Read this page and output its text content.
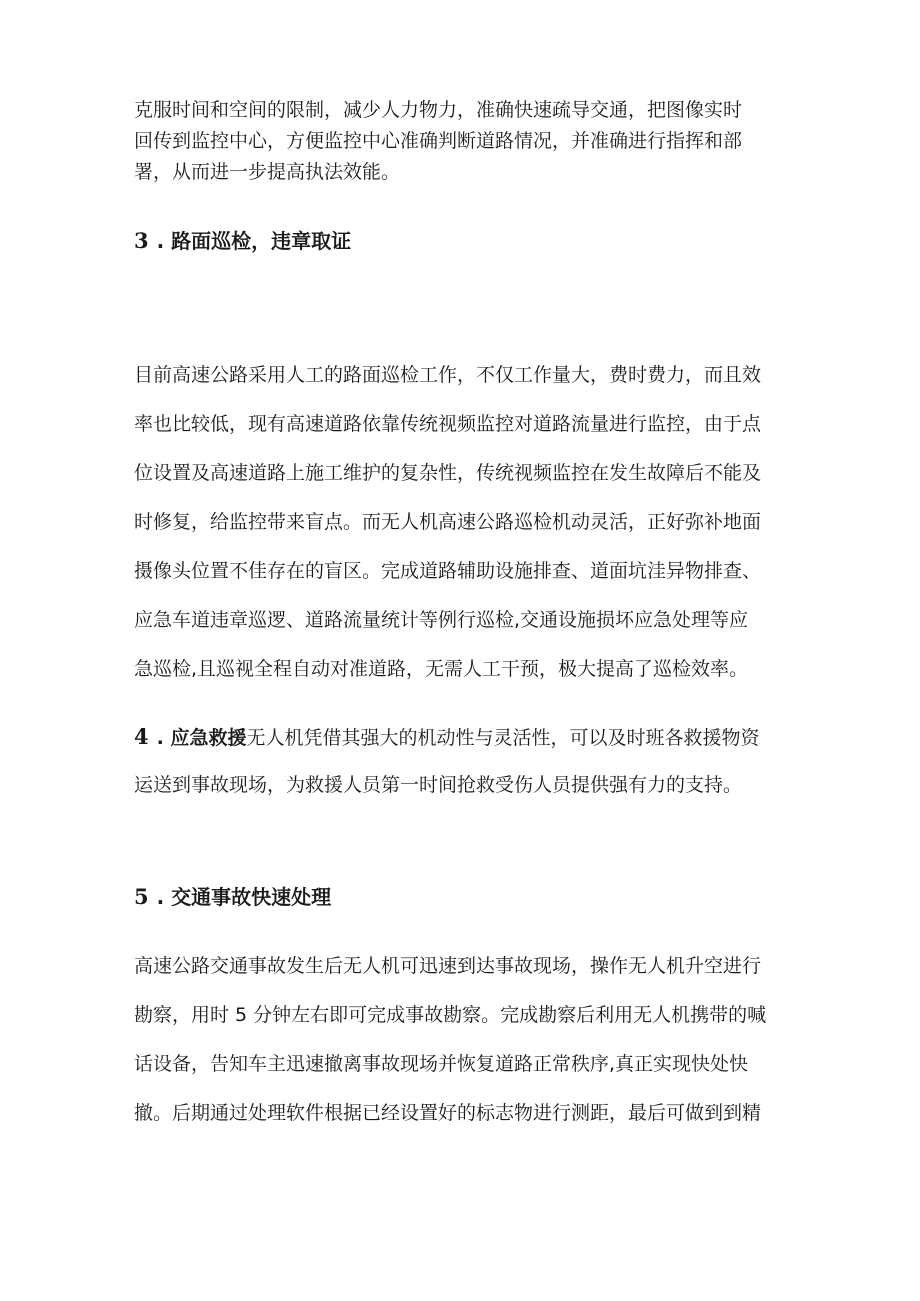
克服时间和空间的限制，减少人力物力，准确快速疏导交通，把图像实时
回传到监控中心，方便监控中心准确判断道路情况，并准确进行指挥和部
署，从而进一步提高执法效能。
3 . 路面巡检，违章取证
目前高速公路采用人工的路面巡检工作，不仅工作量大，费时费力，而且效
率也比较低，现有高速道路依靠传统视频监控对道路流量进行监控，由于点
位设置及高速道路上施工维护的复杂性，传统视频监控在发生故障后不能及
时修复，给监控带来盲点。而无人机高速公路巡检机动灵活，正好弥补地面
摄像头位置不佳存在的盲区。完成道路辅助设施排查、道面坑洼异物排查、
应急车道违章巡逻、道路流量统计等例行巡检,交通设施损坏应急处理等应
急巡检,且巡视全程自动对准道路，无需人工干预，极大提高了巡检效率。
4 . 应急救援无人机凭借其强大的机动性与灵活性，可以及时班各救援物资
运送到事故现场，为救援人员第一时间抢救受伤人员提供强有力的支持。
5 . 交通事故快速处理
高速公路交通事故发生后无人机可迅速到达事故现场，操作无人机升空进行
勘察，用时 5 分钟左右即可完成事故勘察。完成勘察后利用无人机携带的喊
话设备，告知车主迅速撤离事故现场并恢复道路正常秩序,真正实现快处快
撤。后期通过处理软件根据已经设置好的标志物进行测距，最后可做到到精
